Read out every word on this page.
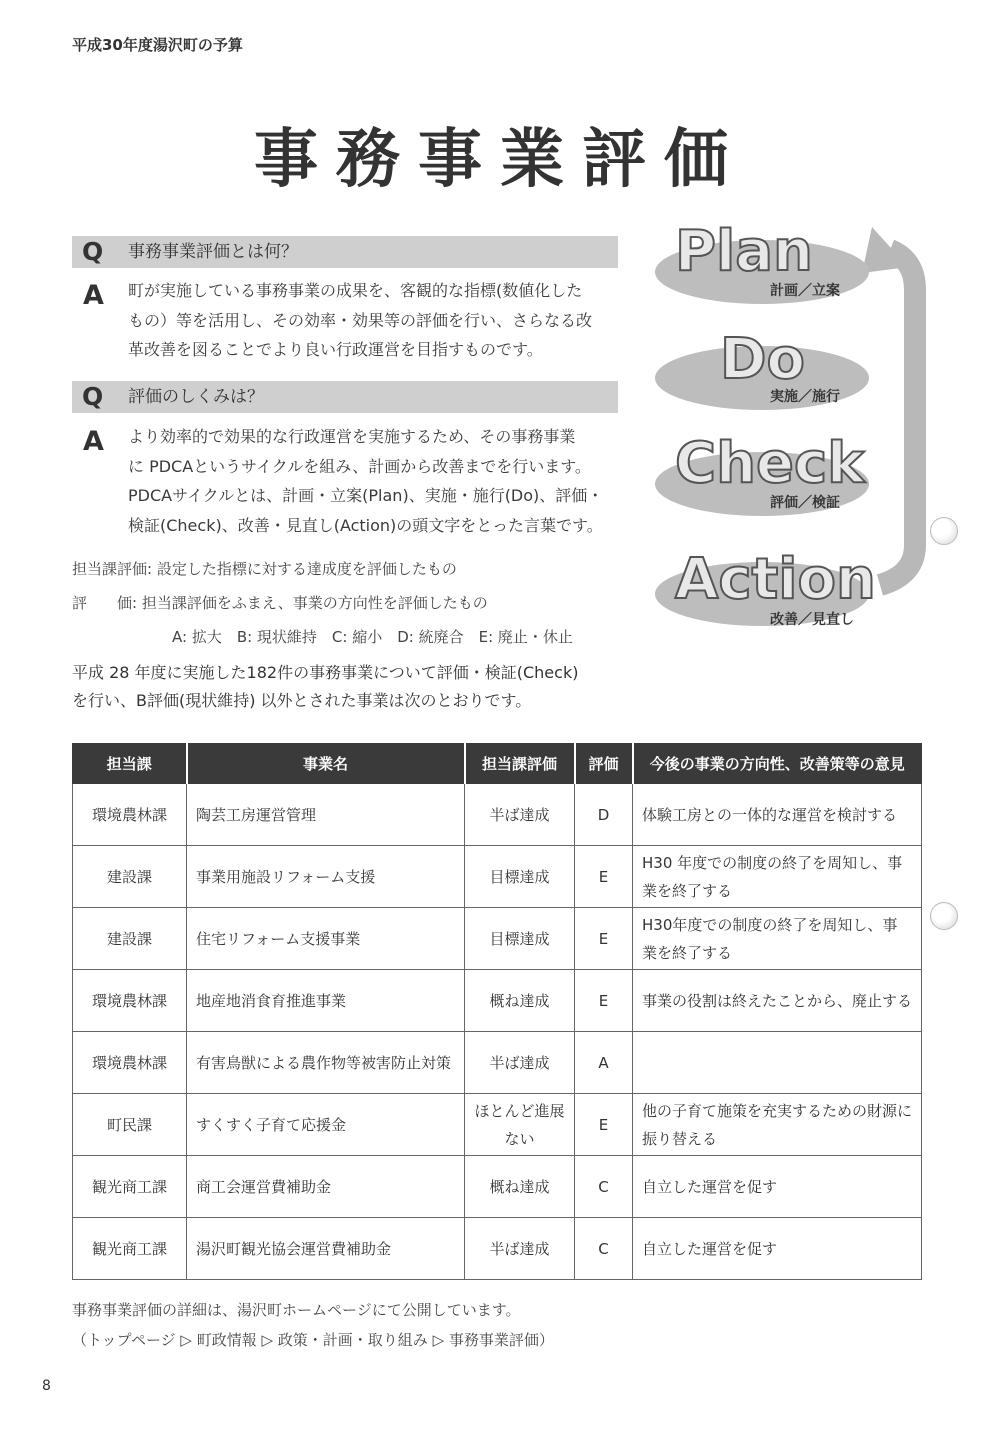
平成30年度湯沢町の予算
事務事業評価
Q 事務事業評価とは何？
A 町が実施している事務事業の成果を、客観的な指標(数値化した
もの）等を活用し、その効率・効果等の評価を行い、さらなる改
革改善を図ることでより良い行政運営を目指すものです。
Q 評価のしくみは？
A より効率的で効果的な行政運営を実施するため、その事務事業
に PDCAというサイクルを組み、計画から改善までを行います。
PDCAサイクルとは、計画・立案(Plan)、実施・施行(Do)、評価・
検証(Check)、改善・見直し(Action)の頭文字をとった言葉です。
担当課評価: 設定した指標に対する達成度を評価したもの
評　　価: 担当課評価をふまえ、事業の方向性を評価したもの
A: 拡大　B: 現状維持　C: 縮小　D: 統廃合　E: 廃止・休止
平成 28 年度に実施した182件の事務事業について評価・検証(Check)
を行い、B評価(現状維持) 以外とされた事業は次のとおりです。
Plan
計画／立案
Do
実施／施行
Check
評価／検証
Action
改善／見直し
担当課	事業名	担当課評価	評価	今後の事業の方向性、改善策等の意見
環境農林課	陶芸工房運営管理	半ば達成	D	体験工房との一体的な運営を検討する
建設課	事業用施設リフォーム支援	目標達成	E	H30 年度での制度の終了を周知し、事業を終了する
建設課	住宅リフォーム支援事業	目標達成	E	H30年度での制度の終了を周知し、事業を終了する
環境農林課	地産地消食育推進事業	概ね達成	E	事業の役割は終えたことから、廃止する
環境農林課	有害鳥獣による農作物等被害防止対策	半ば達成	A	
町民課	すくすく子育て応援金	ほとんど進展ない	E	他の子育て施策を充実するための財源に振り替える
観光商工課	商工会運営費補助金	概ね達成	C	自立した運営を促す
観光商工課	湯沢町観光協会運営費補助金	半ば達成	C	自立した運営を促す
事務事業評価の詳細は、湯沢町ホームページにて公開しています。
（トップページ ▷ 町政情報 ▷ 政策・計画・取り組み ▷ 事務事業評価）
8
